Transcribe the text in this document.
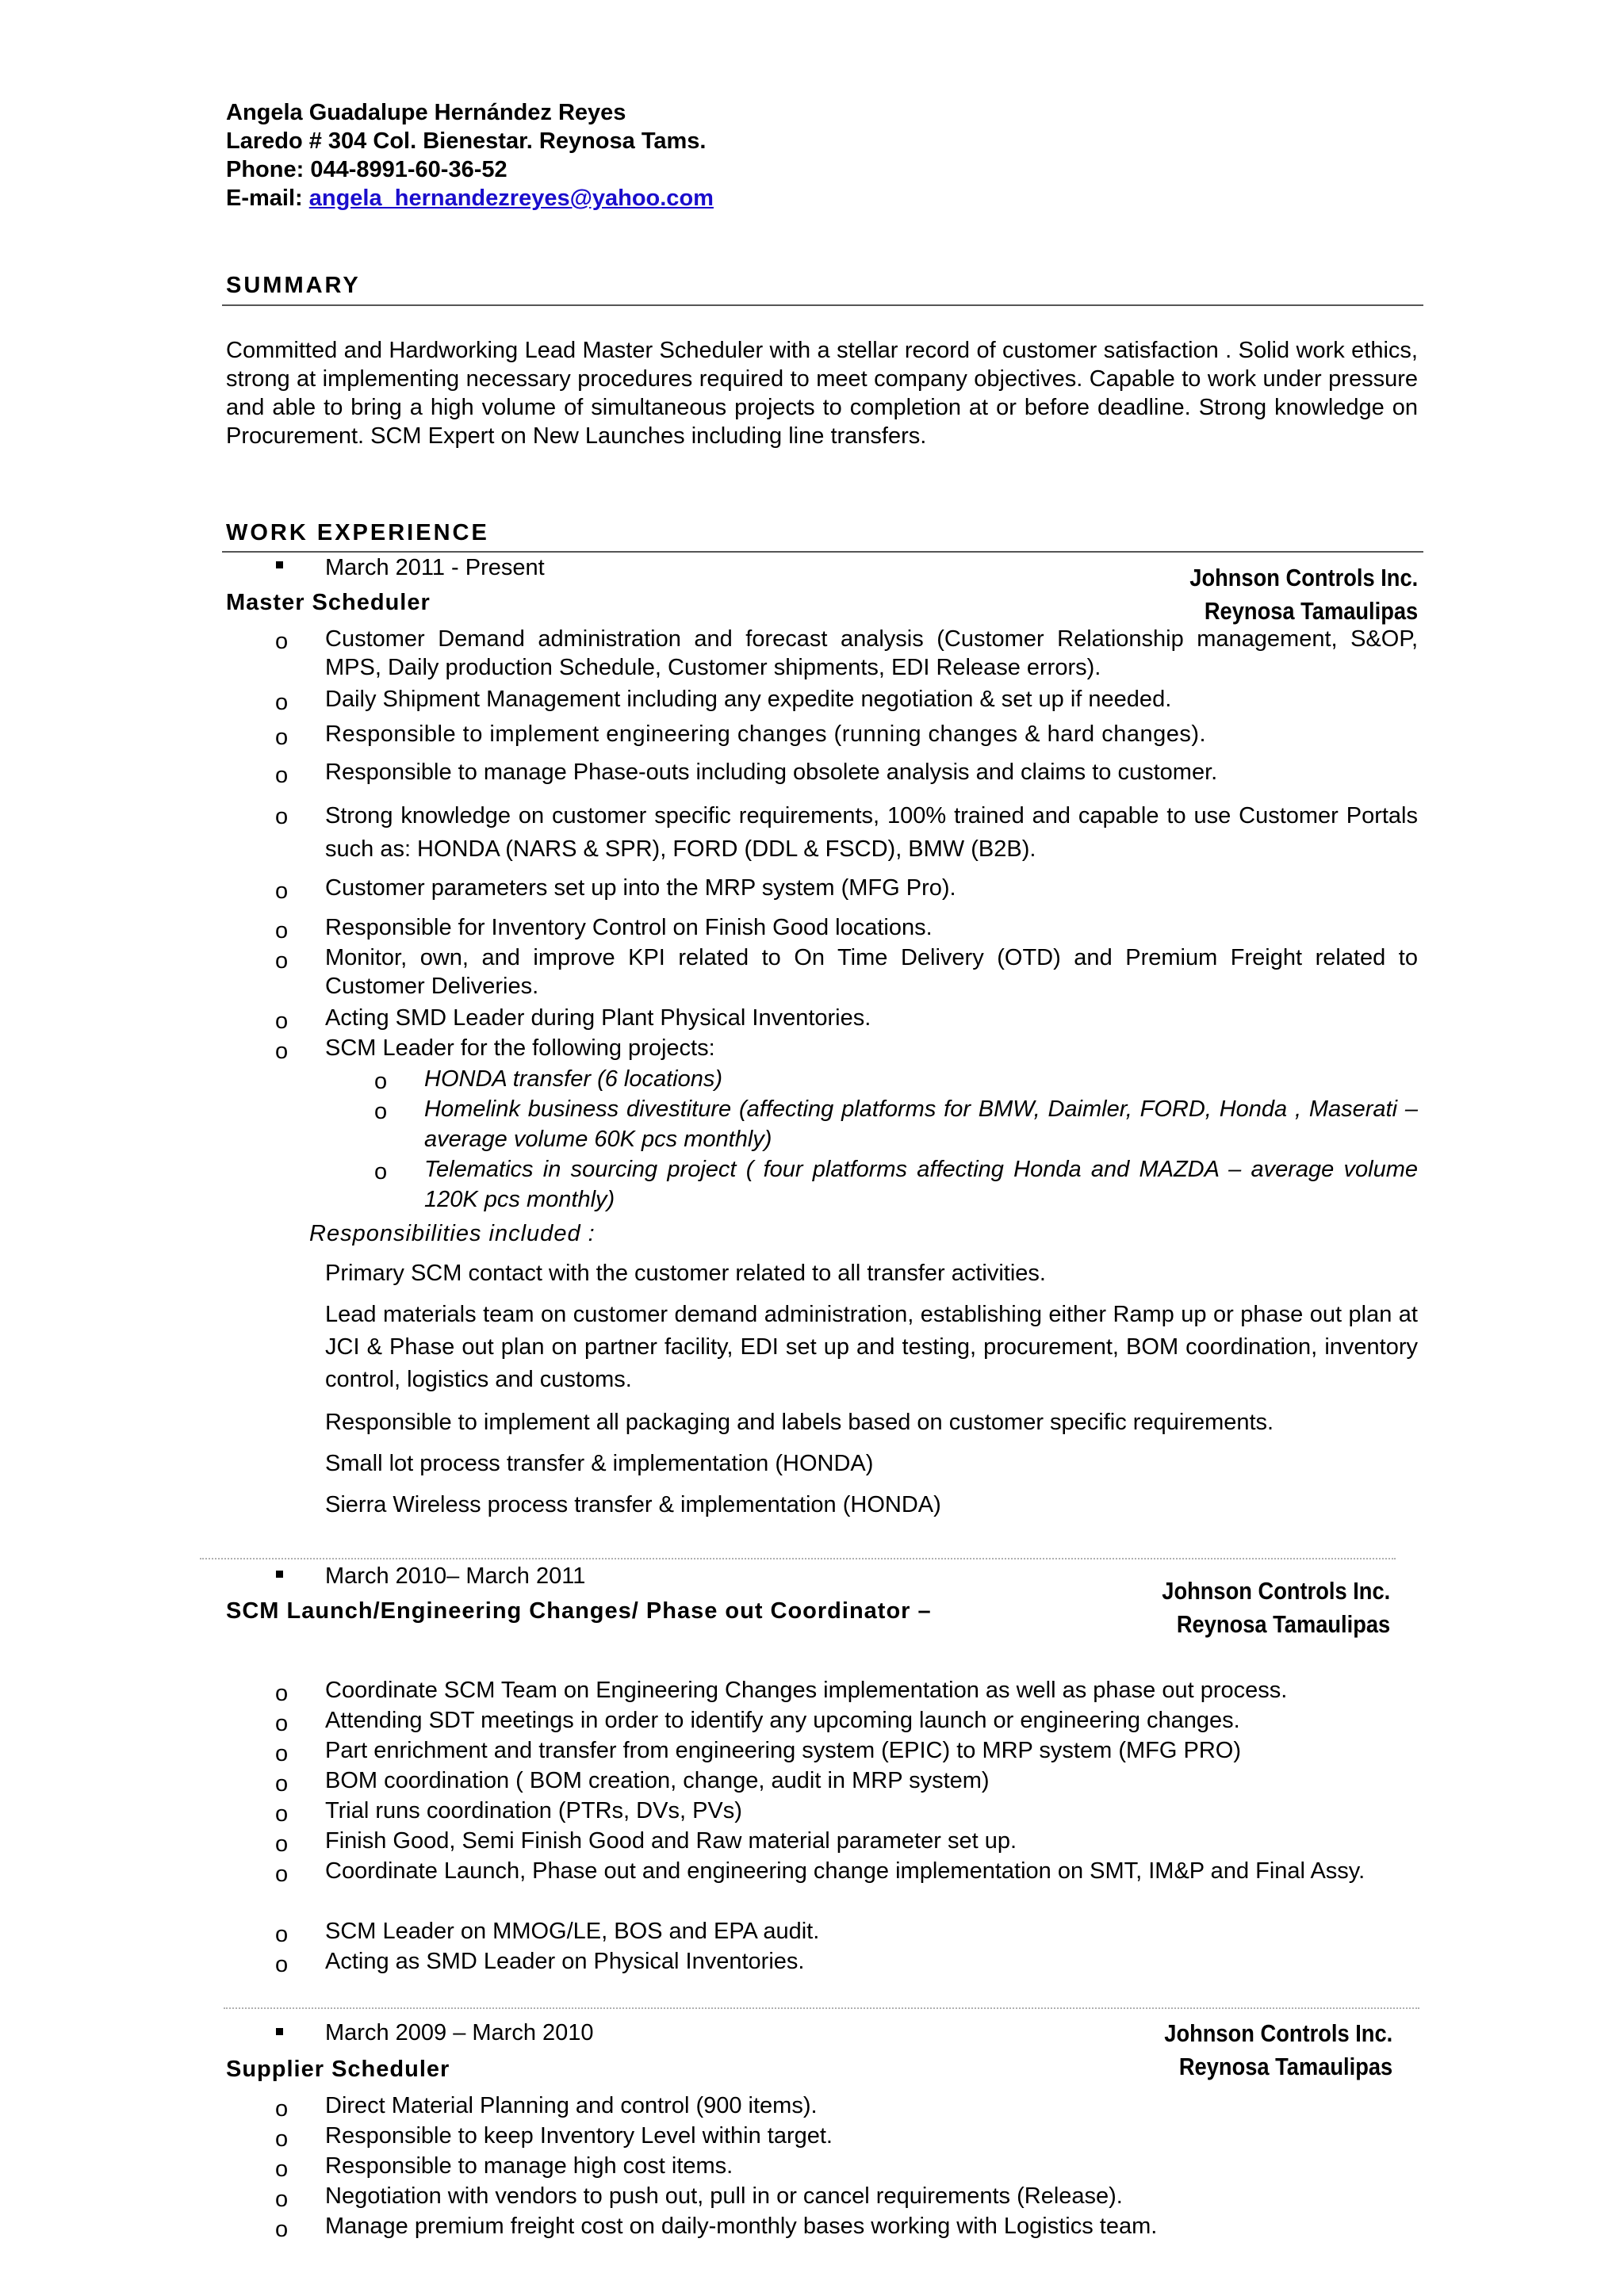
Angela Guadalupe Hernández Reyes
Laredo # 304 Col. Bienestar. Reynosa Tams.
Phone: 044-8991-60-36-52
E-mail: angela_hernandezreyes@yahoo.com
SUMMARY
Committed and Hardworking Lead Master Scheduler with a stellar record of customer satisfaction . Solid work ethics, strong at implementing necessary procedures required to meet company objectives. Capable to work under pressure and able to bring a high volume of simultaneous projects to completion at or before deadline. Strong knowledge on Procurement. SCM Expert on New Launches including line transfers.
WORK EXPERIENCE
March 2011 - Present
Master Scheduler
Johnson Controls Inc.
Reynosa Tamaulipas
o Customer Demand administration and forecast analysis (Customer Relationship management, S&OP, MPS, Daily production Schedule, Customer shipments, EDI Release errors).
o Daily Shipment Management including any expedite negotiation & set up if needed.
o Responsible to implement engineering changes (running changes & hard changes).
o Responsible to manage Phase-outs including obsolete analysis and claims to customer.
o Strong knowledge on customer specific requirements, 100% trained and capable to use Customer Portals such as: HONDA (NARS & SPR), FORD (DDL & FSCD), BMW (B2B).
o Customer parameters set up into the MRP system (MFG Pro).
o Responsible for Inventory Control on Finish Good locations.
o Monitor, own, and improve KPI related to On Time Delivery (OTD) and Premium Freight related to Customer Deliveries.
o Acting SMD Leader during Plant Physical Inventories.
o SCM Leader for the following projects:
o HONDA transfer (6 locations)
o Homelink business divestiture (affecting platforms for BMW, Daimler, FORD, Honda , Maserati – average volume 60K pcs monthly)
o Telematics in sourcing project ( four platforms affecting Honda and MAZDA – average volume 120K pcs monthly)
Responsibilities included :
Primary SCM contact with the customer related to all transfer activities.
Lead materials team on customer demand administration, establishing either Ramp up or phase out plan at JCI & Phase out plan on partner facility, EDI set up and testing, procurement, BOM coordination, inventory control, logistics and customs.
Responsible to implement all packaging and labels based on customer specific requirements.
Small lot process transfer & implementation (HONDA)
Sierra Wireless process transfer & implementation (HONDA)
March 2010– March 2011
SCM Launch/Engineering Changes/ Phase out Coordinator –
Johnson Controls Inc.
Reynosa Tamaulipas
o Coordinate SCM Team on Engineering Changes implementation as well as phase out process.
o Attending SDT meetings in order to identify any upcoming launch or engineering changes.
o Part enrichment and transfer from engineering system (EPIC) to MRP system (MFG PRO)
o BOM coordination ( BOM creation, change, audit in MRP system)
o Trial runs coordination (PTRs, DVs, PVs)
o Finish Good, Semi Finish Good and Raw material parameter set up.
o Coordinate Launch, Phase out and engineering change implementation on SMT, IM&P and Final Assy.
o SCM Leader on MMOG/LE, BOS and EPA audit.
o Acting as SMD Leader on Physical Inventories.
March 2009 – March 2010
Supplier Scheduler
Johnson Controls Inc.
Reynosa Tamaulipas
o Direct Material Planning and control (900 items).
o Responsible to keep Inventory Level within target.
o Responsible to manage high cost items.
o Negotiation with vendors to push out, pull in or cancel requirements (Release).
o Manage premium freight cost on daily-monthly bases working with Logistics team.
